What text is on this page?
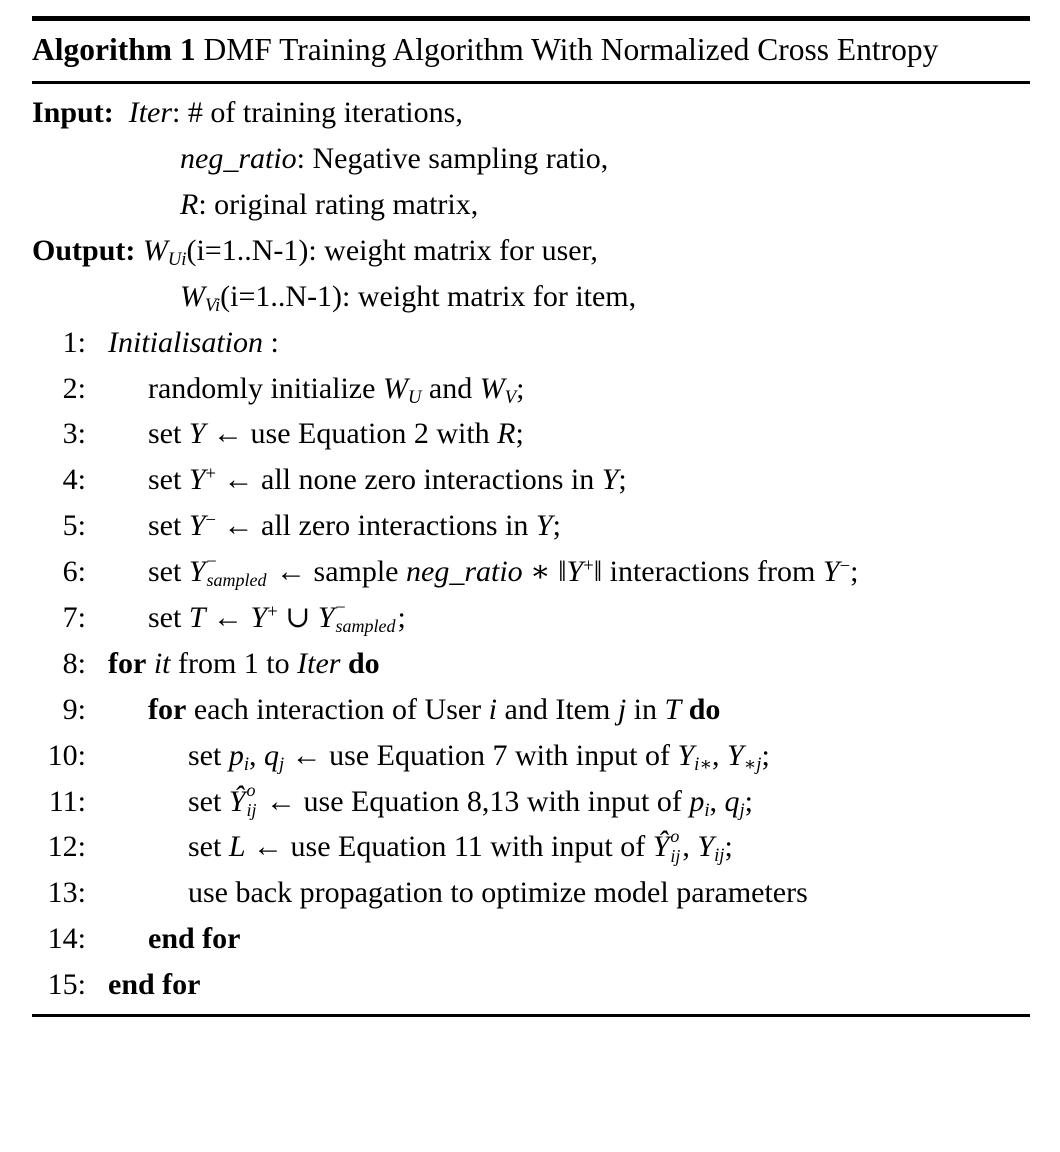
Algorithm 1 DMF Training Algorithm With Normalized Cross Entropy
Input: Iter: # of training iterations,
neg_ratio: Negative sampling ratio,
R: original rating matrix,
Output: $W_{Ui}(i=1..N-1)$: weight matrix for user,
$W_{Vi}(i=1..N-1)$: weight matrix for item,
1: Initialisation :
2:	randomly initialize $W_U$ and $W_V$;
3:	set Y ← use Equation 2 with R;
4:	set Y+ ← all none zero interactions in Y;
5:	set Y− ← all zero interactions in Y;
6:	set Y −
sampled ← sample neg_ratio ∗ ‖Y+‖ interactions from Y−;
7:	set T ← Y+ ∪ Y −
sampled ;
8: for it from 1 to Iter do
9:	for each interaction of User i and Item j in T do
10:	set $p_i$, $q_j$ ← use Equation 7 with input of $Y_{i∗}$, $Y_{∗j}$;
11:	set Ŷ o
ij ← use Equation 8,13 with input of $p_i$, $q_j$;
12:	set L ← use Equation 11 with input of Ŷ o
ij , $Y_{ij}$;
13:	use back propagation to optimize model parameters
14:	end for
15: end for
